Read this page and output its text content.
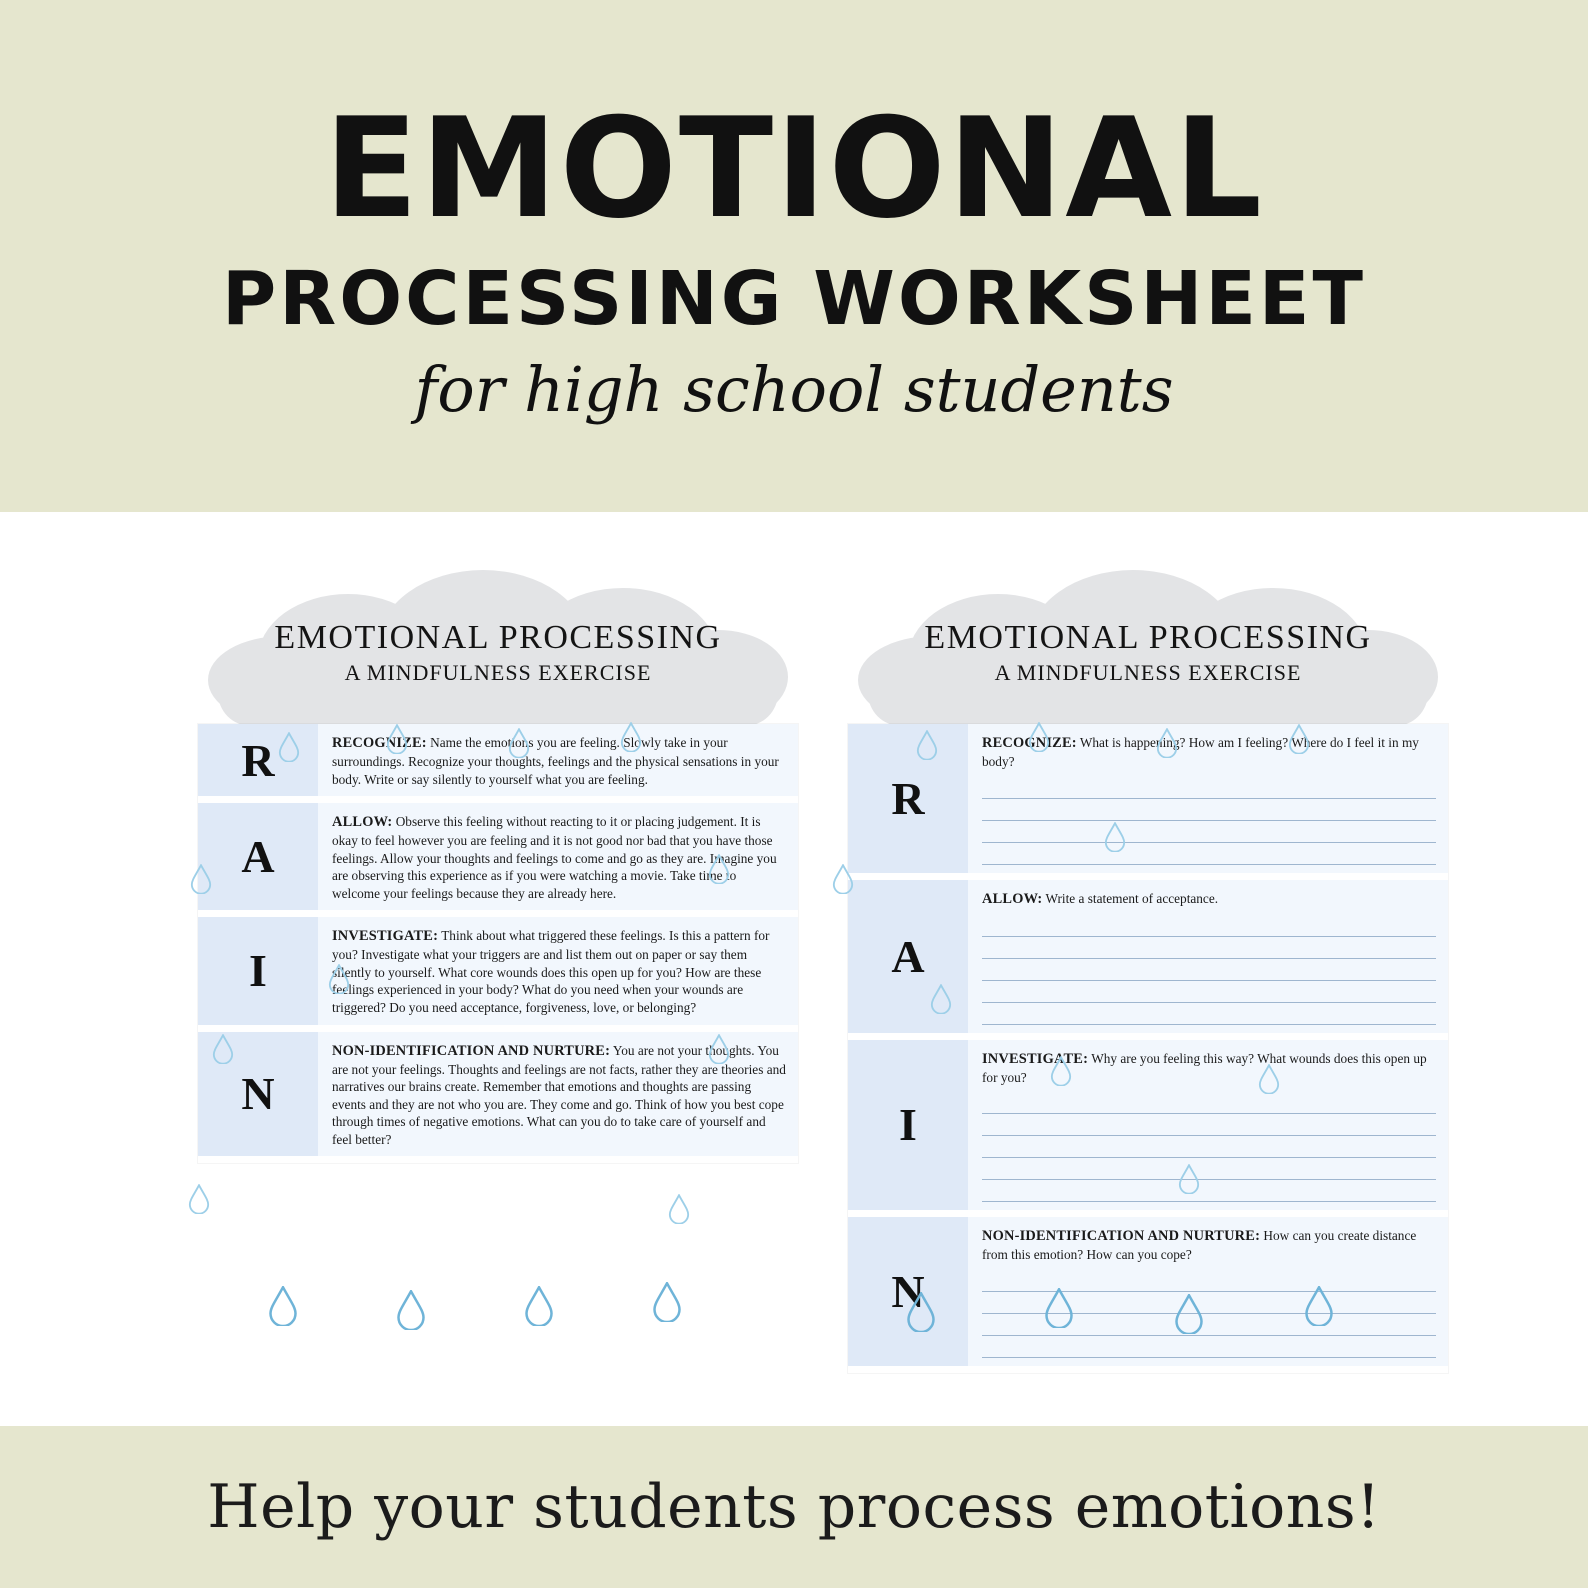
EMOTIONAL
PROCESSING WORKSHEET
for high school students
EMOTIONAL PROCESSING
A MINDFULNESS EXERCISE
R	RECOGNIZE: Name the emotions you are feeling. Slowly take in your surroundings. Recognize your thoughts, feelings and the physical sensations in your body. Write or say silently to yourself what you are feeling.
A
ALLOW: Observe this feeling without reacting to it or placing judgement. It is okay to feel however you are feeling and it is not good nor bad that you have those feelings. Allow your thoughts and feelings to come and go as they are. Imagine you are observing this experience as if you were watching a movie. Take time to welcome your feelings because they are already here.
I
INVESTIGATE: Think about what triggered these feelings. Is this a pattern for you? Investigate what your triggers are and list them out on paper or say them silently to yourself. What core wounds does this open up for you? How are these feelings experienced in your body? What do you need when your wounds are triggered? Do you need acceptance, forgiveness, love, or belonging?
N
NON-IDENTIFICATION AND NURTURE: You are not your thoughts. You are not your feelings. Thoughts and feelings are not facts, rather they are theories and narratives our brains create. Remember that emotions and thoughts are passing events and they are not who you are. They come and go. Think of how you best cope through times of negative emotions. What can you do to take care of yourself and feel better?
EMOTIONAL PROCESSING
A MINDFULNESS EXERCISE
R
RECOGNIZE: What is happening? How am I feeling? Where do I feel it in my body?
A
ALLOW: Write a statement of acceptance.
I
INVESTIGATE: Why are you feeling this way? What wounds does this open up for you?
N
NON-IDENTIFICATION AND NURTURE: How can you create distance from this emotion? How can you cope?
Help your students process emotions!
